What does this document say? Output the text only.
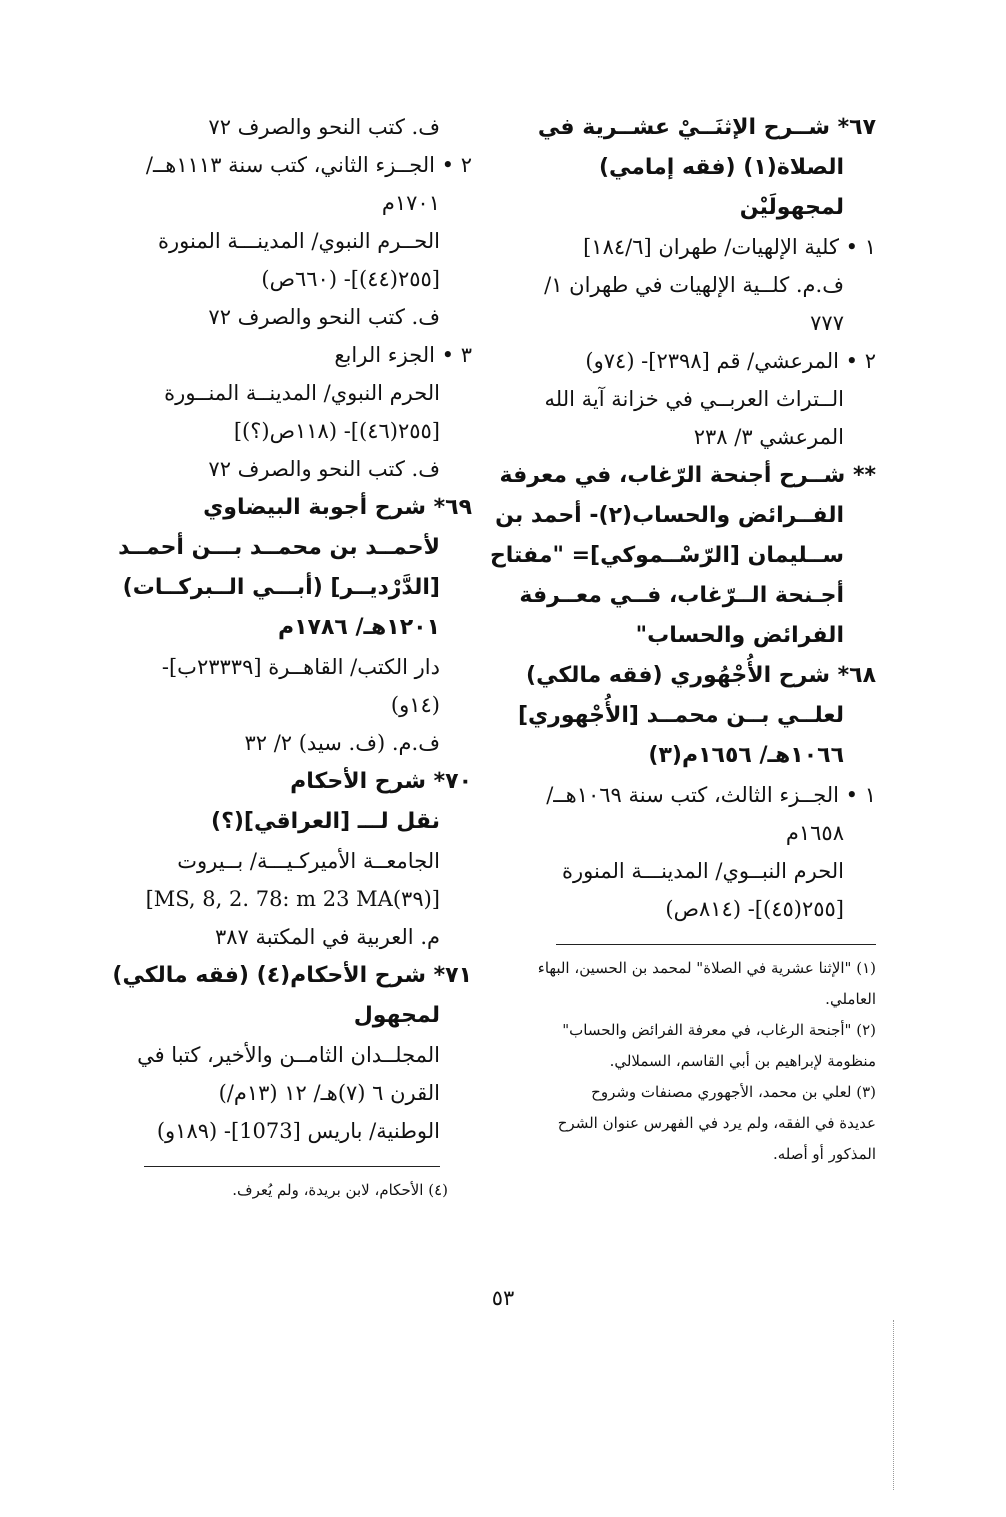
٦٧* شــرح الإثنَــيْ عشــرية في
الصلاة(١) (فقه إمامي)
لمجهولَيْن
١ • كلية الإلهيات/ طهران [١٨٤/٦]
ف.م. كلــية الإلهيات في طهران ١/
٧٧٧
٢ • المرعشي/ قم [٢٣٩٨]- (٧٤و)
الــتراث العربــي في خزانة آية الله
المرعشي ٣/ ٢٣٨
** شــرح أجنحة الرّغاب، في معرفة
الفــرائض والحساب(٢)- أحمد بن
ســليمان [الرّسْــموكي]= "مفتاح
أجـنحة الــرّغاب، فــي معــرفة
الفرائض والحساب"
٦٨* شرح الأُجْهُوري (فقه مالكي)
لعلــي بــن محمــد [الأُجْهوري]
١٠٦٦هـ/ ١٦٥٦م(٣)
١ • الجــزء الثالث، كتب سنة ١٠٦٩هــ/
١٦٥٨م
الحرم النبــوي/ المدينـــة المنورة
[٢٥٥(٤٥)]- (٨١٤ص)
(١) "الإثنا عشرية في الصلاة" لمحمد بن الحسين، البهاء
العاملي.
(٢) "أجنحة الرغاب، في معرفة الفرائض والحساب"
منظومة لإبراهيم بن أبي القاسم، السملالي.
(٣) لعلي بن محمد، الأجهوري مصنفات وشروح
عديدة في الفقه، ولم يرد في الفهرس عنوان الشرح
المذكور أو أصله.
ف. كتب النحو والصرف ٧٢
٢ • الجــزء الثاني، كتب سنة ١١١٣هــ/
١٧٠١م
الحــرم النبوي/ المدينـــة المنورة
[٢٥٥(٤٤)]- (٦٦٠ص)
ف. كتب النحو والصرف ٧٢
٣ • الجزء الرابع
الحرم النبوي/ المدينــة المنــورة
[٢٥٥(٤٦)]- (١١٨ص(؟)]
ف. كتب النحو والصرف ٧٢
٦٩* شرح أجوبة البيضاوي
لأحمــد بن محمــد بـــن أحمــد
[الدَّرْديــر] (أبـــي الــبركــات)
١٢٠١هـ/ ١٧٨٦م
دار الكتب/ القاهــرة [٢٣٣٣٩ب]-
(١٤و)
ف.م. (ف. سيد) ٢/ ٣٢
٧٠* شرح الأحكام
نقل لـــ [العراقي](؟)
الجامعــة الأميركـيـــة/ بــيروت
[(٣٩)MS, 8, 2. 78: m 23 MA]
م. العربية في المكتبة ٣٨٧
٧١* شرح الأحكام(٤) (فقه مالكي)
لمجهول
المجلــدان الثامــن والأخير، كتبا في
القرن ٦ (٧)هـ/ ١٢ (١٣م/)
الوطنية/ باريس [1073]- (١٨٩و)
(٤) الأحكام، لابن بريدة، ولم يُعرف.
٥٣
